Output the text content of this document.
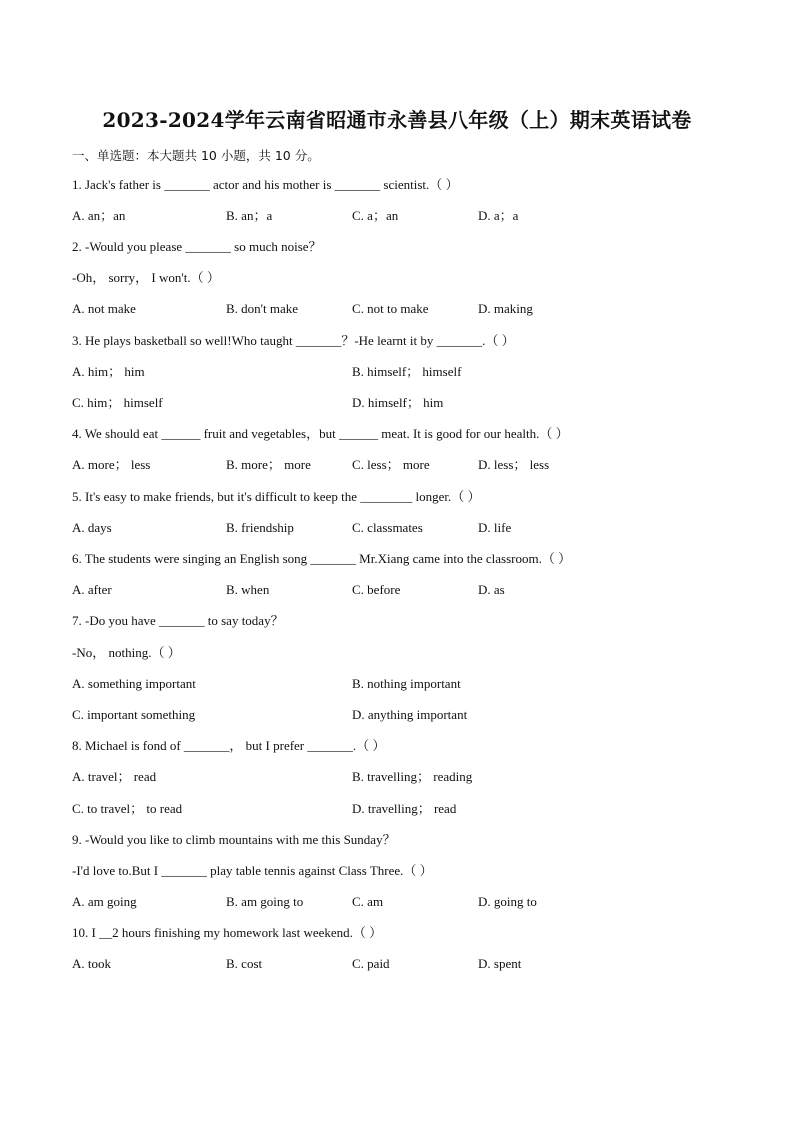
2023-2024学年云南省昭通市永善县八年级（上）期末英语试卷
一、单选题：本大题共 10 小题，共 10 分。
1. Jack's father is _______ actor and his mother is _______ scientist.（ ）
A. an；an	B. an；a	C. a；an	D. a；a
2. -Would you please _______ so much noise？
-Oh， sorry， I won't.（ ）
A. not make	B. don't make	C. not to make	D. making
3. He plays basketball so well!Who taught _______？-He learnt it by _______.（ ）
A. him； him	B. himself； himself
C. him； himself	D. himself； him
4. We should eat ______ fruit and vegetables，but ______ meat. It is good for our health.（ ）
A. more； less	B. more； more	C. less； more	D. less； less
5. It's easy to make friends, but it's difficult to keep the ________ longer.（ ）
A. days	B. friendship	C. classmates	D. life
6. The students were singing an English song _______ Mr.Xiang came into the classroom.（ ）
A. after	B. when	C. before	D. as
7. -Do you have _______ to say today？
-No， nothing.（ ）
A. something important	B. nothing important
C. important something	D. anything important
8. Michael is fond of _______， but I prefer _______.（ ）
A. travel； read	B. travelling； reading
C. to travel； to read	D. travelling； read
9. -Would you like to climb mountains with me this Sunday？
-I'd love to.But I _______ play table tennis against Class Three.（ ）
A. am going	B. am going to	C. am	D. going to
10. I __2 hours finishing my homework last weekend.（ ）
A. took	B. cost	C. paid	D. spent
